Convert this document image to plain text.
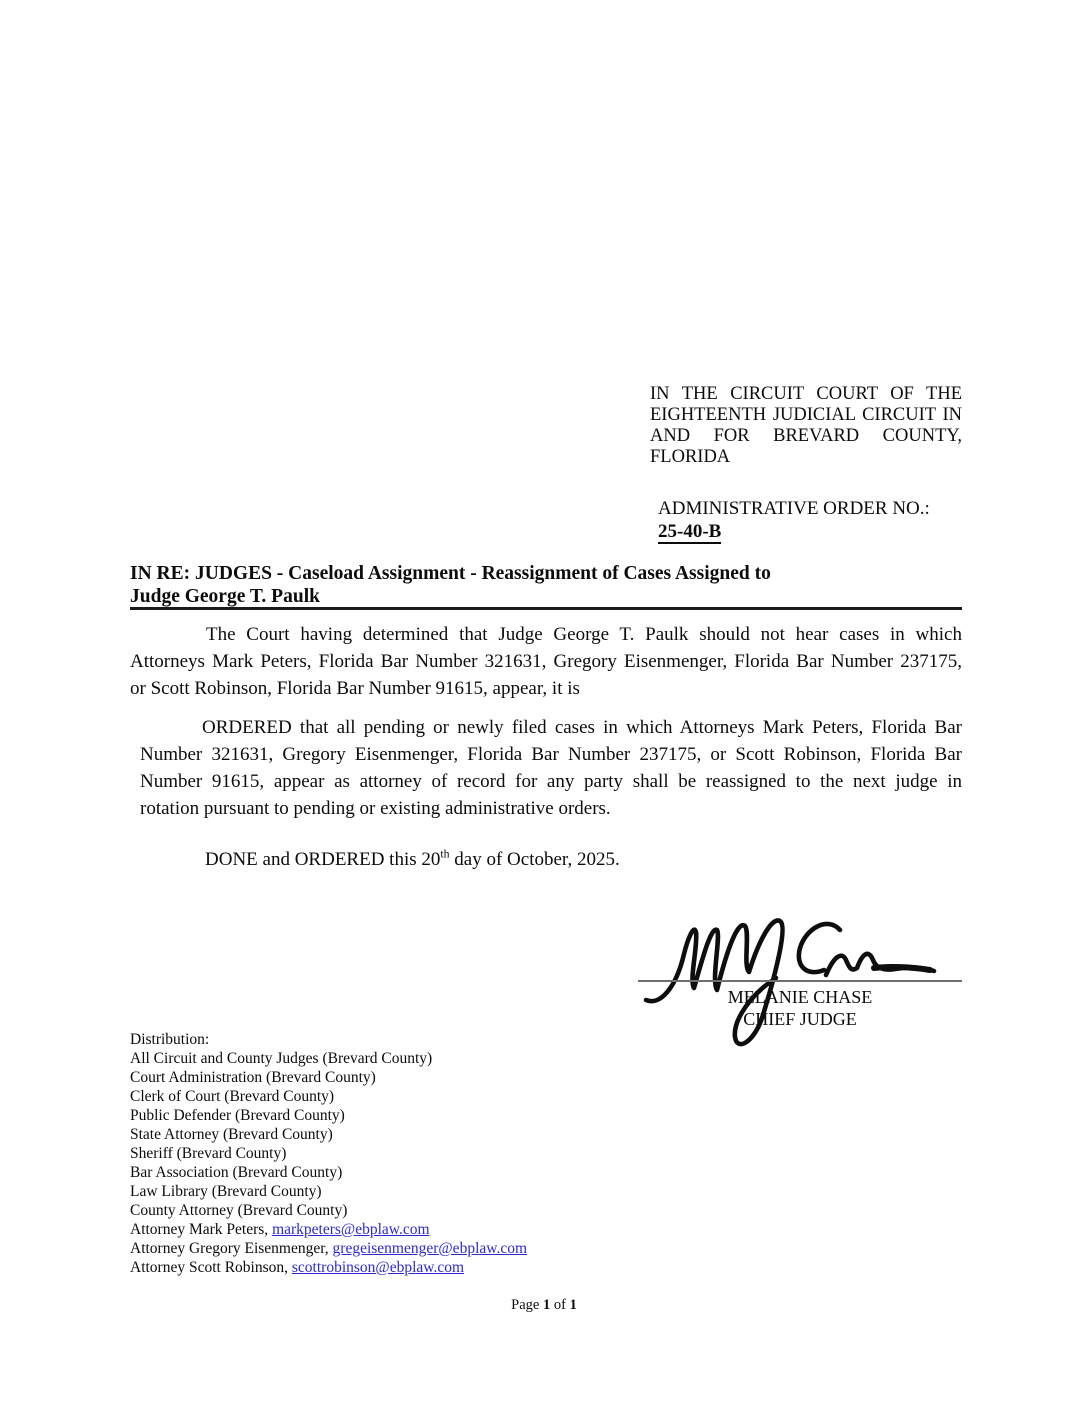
IN THE CIRCUIT COURT OF THE
EIGHTEENTH JUDICIAL CIRCUIT IN
AND FOR BREVARD COUNTY,
FLORIDA
ADMINISTRATIVE ORDER NO.:
25-40-B
IN RE: JUDGES - Caseload Assignment - Reassignment of Cases Assigned to
Judge George T. Paulk
The Court having determined that Judge George T. Paulk should not hear cases in which
Attorneys Mark Peters, Florida Bar Number 321631, Gregory Eisenmenger, Florida Bar Number 237175,
or Scott Robinson, Florida Bar Number 91615, appear, it is
ORDERED that all pending or newly filed cases in which Attorneys Mark Peters, Florida Bar
Number 321631, Gregory Eisenmenger, Florida Bar Number 237175, or Scott Robinson, Florida Bar
Number 91615, appear as attorney of record for any party shall be reassigned to the next judge in
rotation pursuant to pending or existing administrative orders.
DONE and ORDERED this 20th day of October, 2025.
MELANIE CHASE
CHIEF JUDGE
Distribution:
All Circuit and County Judges (Brevard County)
Court Administration (Brevard County)
Clerk of Court (Brevard County)
Public Defender (Brevard County)
State Attorney (Brevard County)
Sheriff (Brevard County)
Bar Association (Brevard County)
Law Library (Brevard County)
County Attorney (Brevard County)
Attorney Mark Peters, markpeters@ebplaw.com
Attorney Gregory Eisenmenger, gregeisenmenger@ebplaw.com
Attorney Scott Robinson, scottrobinson@ebplaw.com
Page 1 of 1
